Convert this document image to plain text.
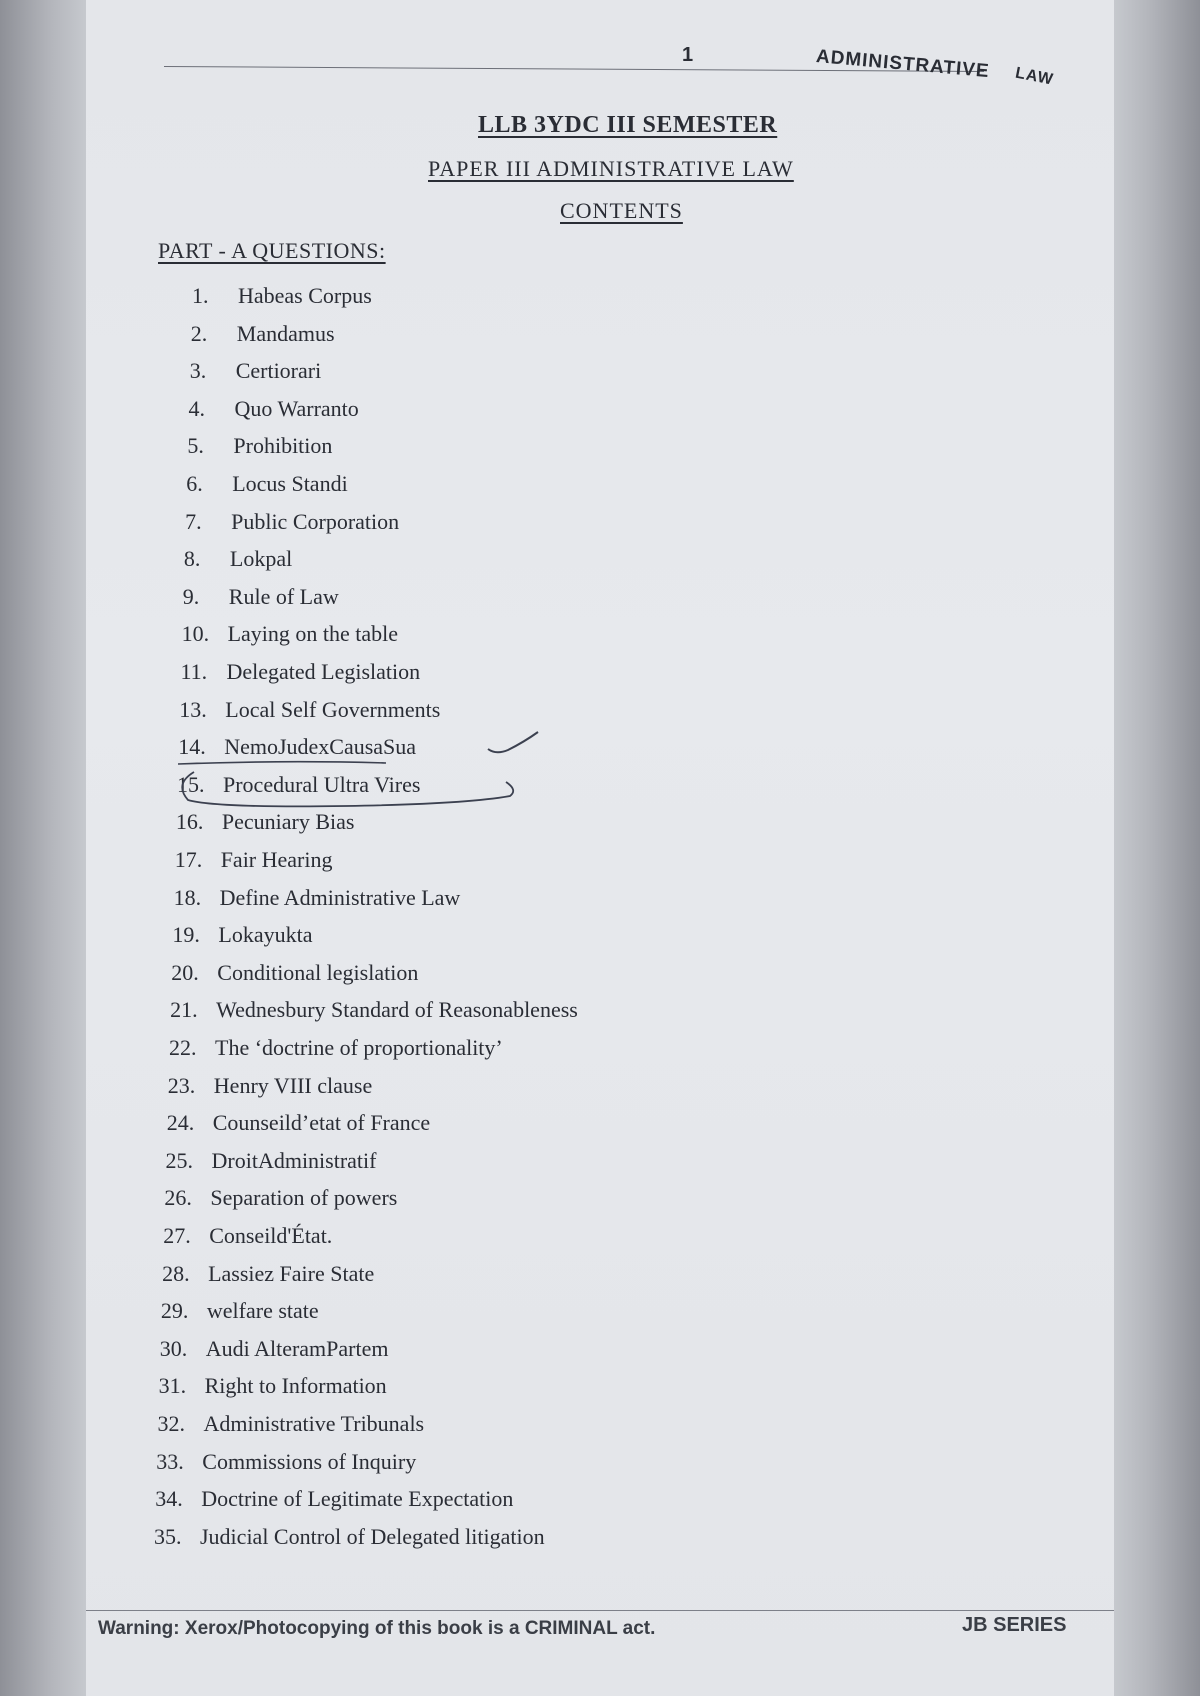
1	ADMINISTRATIVE LAW
LLB 3YDC III SEMESTER
PAPER III ADMINISTRATIVE LAW
CONTENTS
PART - A QUESTIONS:
1.	Habeas Corpus
2.	Mandamus
3.	Certiorari
4.	Quo Warranto
5.	Prohibition
6.	Locus Standi
7.	Public Corporation
8.	Lokpal
9.	Rule of Law
10. Laying on the table
11. Delegated Legislation
13. Local Self Governments
14. NemoJudexCausaSua
15. Procedural Ultra Vires
16. Pecuniary Bias
17. Fair Hearing
18. Define Administrative Law
19. Lokayukta
20. Conditional legislation
21. Wednesbury Standard of Reasonableness
22. The ‘doctrine of proportionality’
23. Henry VIII clause
24. Counseild’etat of France
25. DroitAdministratif
26. Separation of powers
27. Conseild'État.
28. Lassiez Faire State
29. welfare state
30. Audi AlteramPartem
31. Right to Information
32. Administrative Tribunals
33. Commissions of Inquiry
34. Doctrine of Legitimate Expectation
35. Judicial Control of Delegated litigation
Warning: Xerox/Photocopying of this book is a CRIMINAL act.	JB SERIES
